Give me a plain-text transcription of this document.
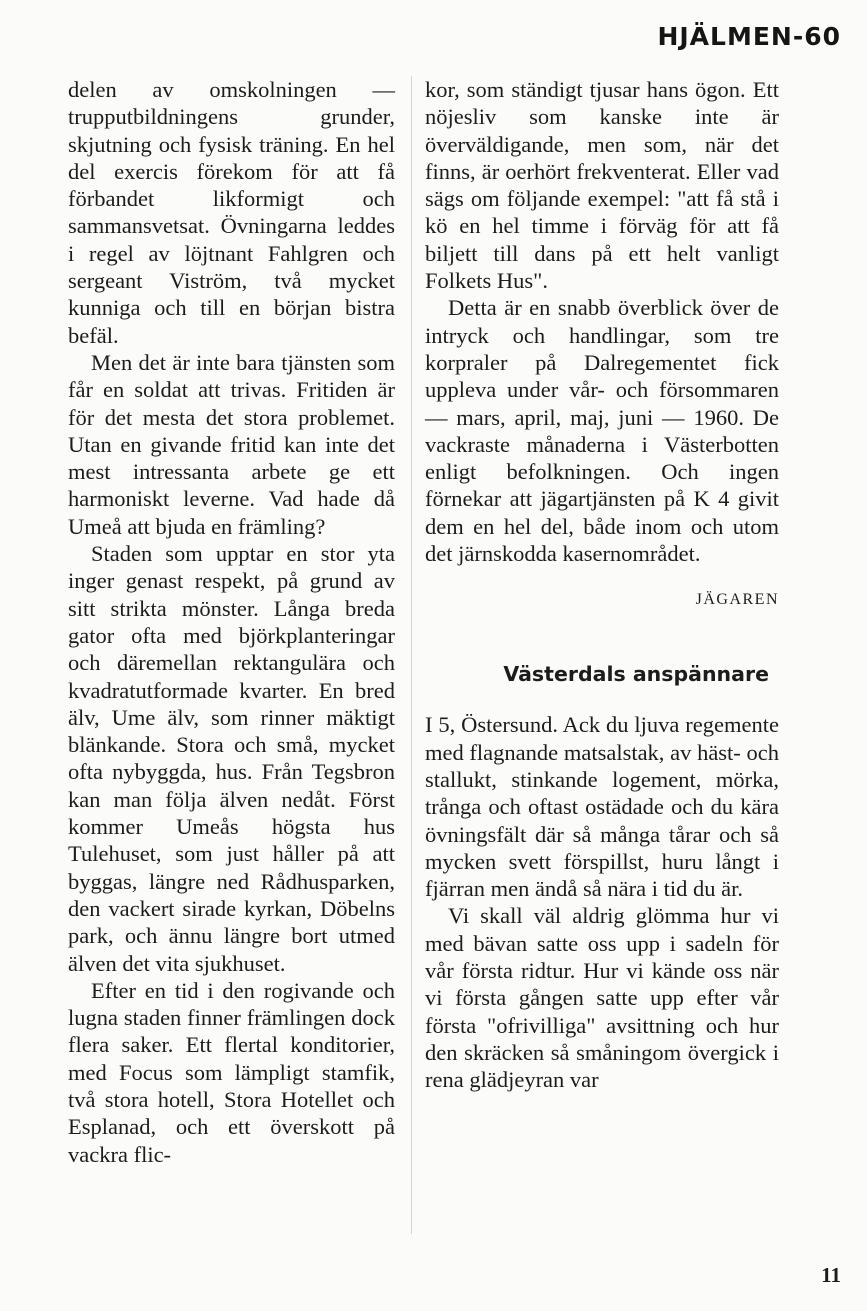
HJÄLMEN-60

delen av omskolningen — trupputbildningens grunder, skjutning och fysisk träning. En hel del exercis förekom för att få förbandet likformigt och sammansvetsat. Övningarna leddes i regel av löjtnant Fahlgren och sergeant Viström, två mycket kunniga och till en början bistra befäl.

Men det är inte bara tjänsten som får en soldat att trivas. Fritiden är för det mesta det stora problemet. Utan en givande fritid kan inte det mest intressanta arbete ge ett harmoniskt leverne. Vad hade då Umeå att bjuda en främling?

Staden som upptar en stor yta inger genast respekt, på grund av sitt strikta mönster. Långa breda gator ofta med björkplanteringar och däremellan rektangulära och kvadratutformade kvarter. En bred älv, Ume älv, som rinner mäktigt blänkande. Stora och små, mycket ofta nybyggda, hus. Från Tegsbron kan man följa älven nedåt. Först kommer Umeås högsta hus Tulehuset, som just håller på att byggas, längre ned Rådhusparken, den vackert sirade kyrkan, Döbelns park, och ännu längre bort utmed älven det vita sjukhuset.

Efter en tid i den rogivande och lugna staden finner främlingen dock flera saker. Ett flertal konditorier, med Focus som lämpligt stamfik, två stora hotell, Stora Hotellet och Esplanad, och ett överskott på vackra flic-

kor, som ständigt tjusar hans ögon. Ett nöjesliv som kanske inte är överväldigande, men som, när det finns, är oerhört frekventerat. Eller vad sägs om följande exempel: "att få stå i kö en hel timme i förväg för att få biljett till dans på ett helt vanligt Folkets Hus".

Detta är en snabb överblick över de intryck och handlingar, som tre korpraler på Dalregementet fick uppleva under vår- och försommaren — mars, april, maj, juni — 1960. De vackraste månaderna i Västerbotten enligt befolkningen. Och ingen förnekar att jägartjänsten på K 4 givit dem en hel del, både inom och utom det järnskodda kasernområdet.

JÄGAREN
Västerdals anspännare

I 5, Östersund. Ack du ljuva regemente med flagnande matsalstak, av häst- och stallukt, stinkande logement, mörka, trånga och oftast ostädade och du kära övningsfält där så många tårar och så mycken svett förspillst, huru långt i fjärran men ändå så nära i tid du är.

Vi skall väl aldrig glömma hur vi med bävan satte oss upp i sadeln för vår första ridtur. Hur vi kände oss när vi första gången satte upp efter vår första "ofrivilliga" avsittning och hur den skräcken så småningom övergick i rena glädjeyran var

11
